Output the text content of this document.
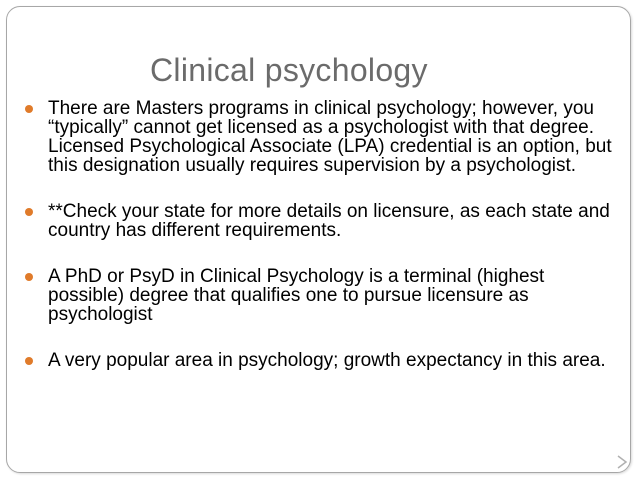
Clinical psychology
There are Masters programs in clinical psychology; however, you “typically” cannot get licensed as a psychologist with that degree. Licensed Psychological Associate (LPA) credential is an option, but this designation usually requires supervision by a psychologist.
**Check your state for more details on licensure, as each state and country has different requirements.
A PhD or PsyD in Clinical Psychology is a terminal (highest possible) degree that qualifies one to pursue licensure as psychologist
A very popular area in psychology; growth expectancy in this area.
